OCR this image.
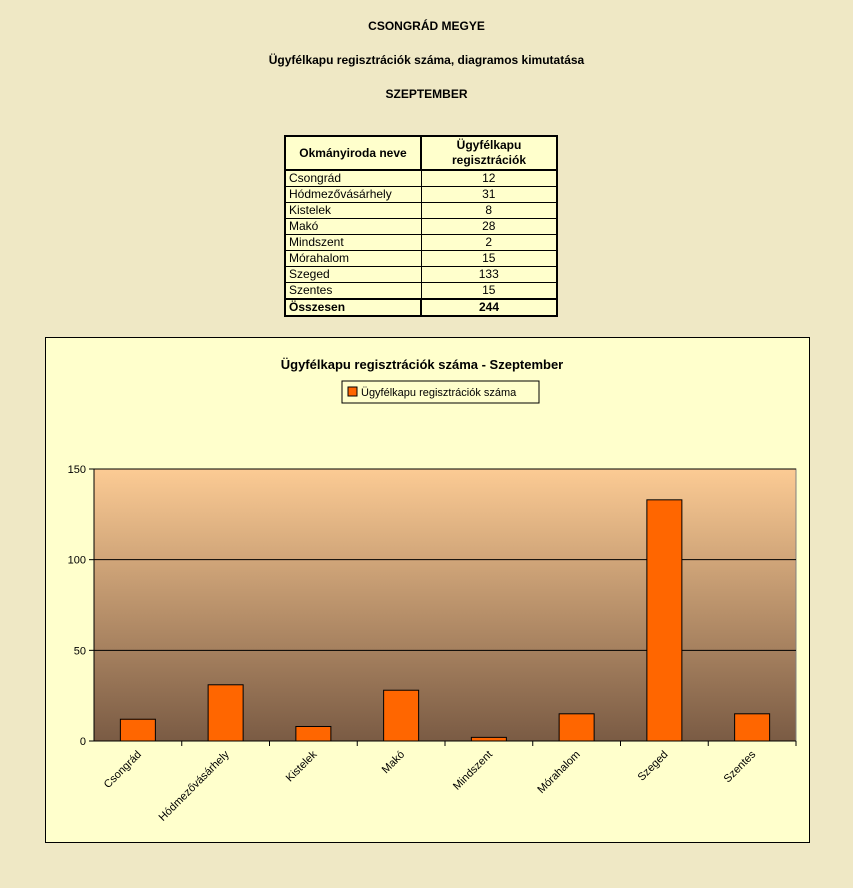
CSONGRÁD MEGYE
Ügyfélkapu regisztrációk száma, diagramos kimutatása
SZEPTEMBER
Okmányiroda neve	Ügyfélkapu
regisztrációk
Csongrád	12
Hódmezővásárhely	31
Kistelek	8
Makó	28
Mindszent	2
Mórahalom	15
Szeged	133
Szentes	15
Összesen	244
Ügyfélkapu regisztrációk száma - Szeptember
Ügyfélkapu regisztrációk száma
0
50
100
150
Csongrád Hódmezővásárhely	Kistelek	Makó	Mindszent	Mórahalom	Szeged	Szentes
